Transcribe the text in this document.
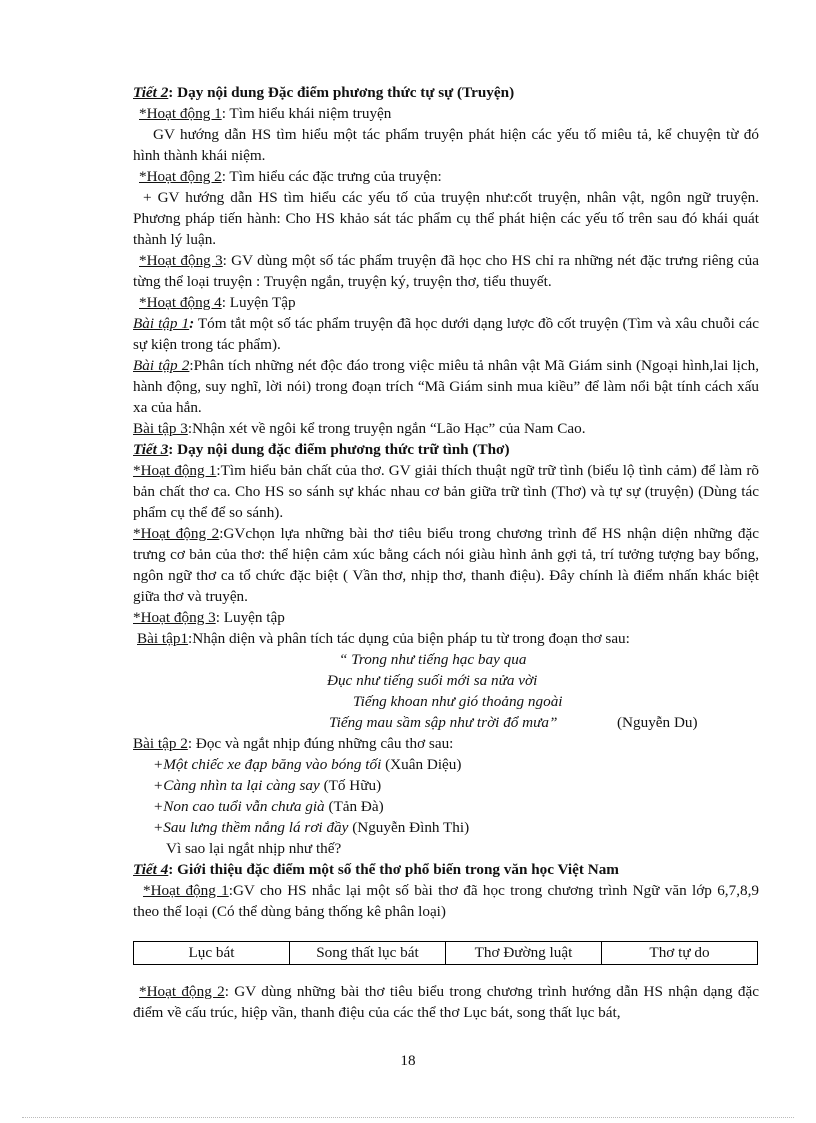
Tiết 2: Dạy nội dung Đặc điểm phương thức tự sự (Truyện)

*Hoạt động 1: Tìm hiểu khái niệm truyện

GV hướng dẫn HS tìm hiểu một tác phẩm truyện phát hiện các yếu tố miêu tả, kể chuyện từ đó hình thành khái niệm.

*Hoạt động 2: Tìm hiểu các đặc trưng của truyện:

+ GV hướng dẫn HS tìm hiểu các yếu tố của truyện như:cốt truyện, nhân vật, ngôn ngữ truyện. Phương pháp tiến hành: Cho HS khảo sát tác phẩm cụ thể phát hiện các yếu tố trên sau đó khái quát thành lý luận.

*Hoạt động 3: GV dùng một số tác phẩm truyện đã học cho HS chỉ ra những nét đặc trưng riêng của từng thể loại truyện : Truyện ngắn, truyện ký, truyện thơ, tiểu thuyết.

*Hoạt động 4: Luyện Tập

Bài tập 1: Tóm tắt một số tác phẩm truyện đã học dưới dạng lược đồ cốt truyện (Tìm và xâu chuỗi các sự kiện trong tác phẩm).

Bài tập 2:Phân tích những nét độc đáo trong việc miêu tả nhân vật Mã Giám sinh (Ngoại hình,lai lịch, hành động, suy nghĩ, lời nói) trong đoạn trích “Mã Giám sinh mua kiều” để làm nổi bật tính cách xấu xa của hắn.

Bài tập 3:Nhận xét về ngôi kể trong truyện ngắn “Lão Hạc” của Nam Cao.

Tiết 3: Dạy nội dung đặc điểm phương thức trữ tình (Thơ)

*Hoạt động 1:Tìm hiểu bản chất của thơ. GV giải thích thuật ngữ trữ tình (biểu lộ tình cảm) để làm rõ bản chất thơ ca. Cho HS so sánh sự khác nhau cơ bản giữa trữ tình (Thơ) và tự sự (truyện) (Dùng tác phẩm cụ thể để so sánh).

*Hoạt động 2:GVchọn lựa những bài thơ tiêu biểu trong chương trình để HS nhận diện những đặc trưng cơ bản của thơ: thể hiện cảm xúc bằng cách nói giàu hình ảnh gợi tả, trí tưởng tượng bay bổng, ngôn ngữ thơ ca tổ chức đặc biệt ( Vần thơ, nhịp thơ, thanh điệu). Đây chính là điểm nhấn khác biệt giữa thơ và truyện.

*Hoạt động 3: Luyện tập

Bài tập1:Nhận diện và phân tích tác dụng của biện pháp tu từ trong đoạn thơ sau:

“ Trong như tiếng hạc bay qua
Đục như tiếng suối mới sa nửa vời
Tiếng khoan như gió thoảng ngoài
Tiếng mau sầm sập như trời đổ mưa”	(Nguyễn Du)

Bài tập 2: Đọc và ngắt nhịp đúng những câu thơ sau:

+Một chiếc xe đạp băng vào bóng tối (Xuân Diệu)
+Càng nhìn ta lại càng say (Tố Hữu)
+Non cao tuổi vẫn chưa già (Tản Đà)
+Sau lưng thềm nắng lá rơi đầy (Nguyễn Đình Thi)

Vì sao lại ngắt nhịp như thế?

Tiết 4: Giới thiệu đặc điểm một số thể thơ phổ biến trong văn học Việt Nam

*Hoạt động 1:GV cho HS nhắc lại một số bài thơ đã học trong chương trình Ngữ văn lớp 6,7,8,9 theo thể loại (Có thể dùng bảng thống kê phân loại)

Lục bát	Song thất lục bát	Thơ Đường luật	Thơ tự do

*Hoạt động 2: GV dùng những bài thơ tiêu biểu trong chương trình hướng dẫn HS nhận dạng đặc điểm về cấu trúc, hiệp vần, thanh điệu của các thể thơ Lục bát, song thất lục bát,

18
